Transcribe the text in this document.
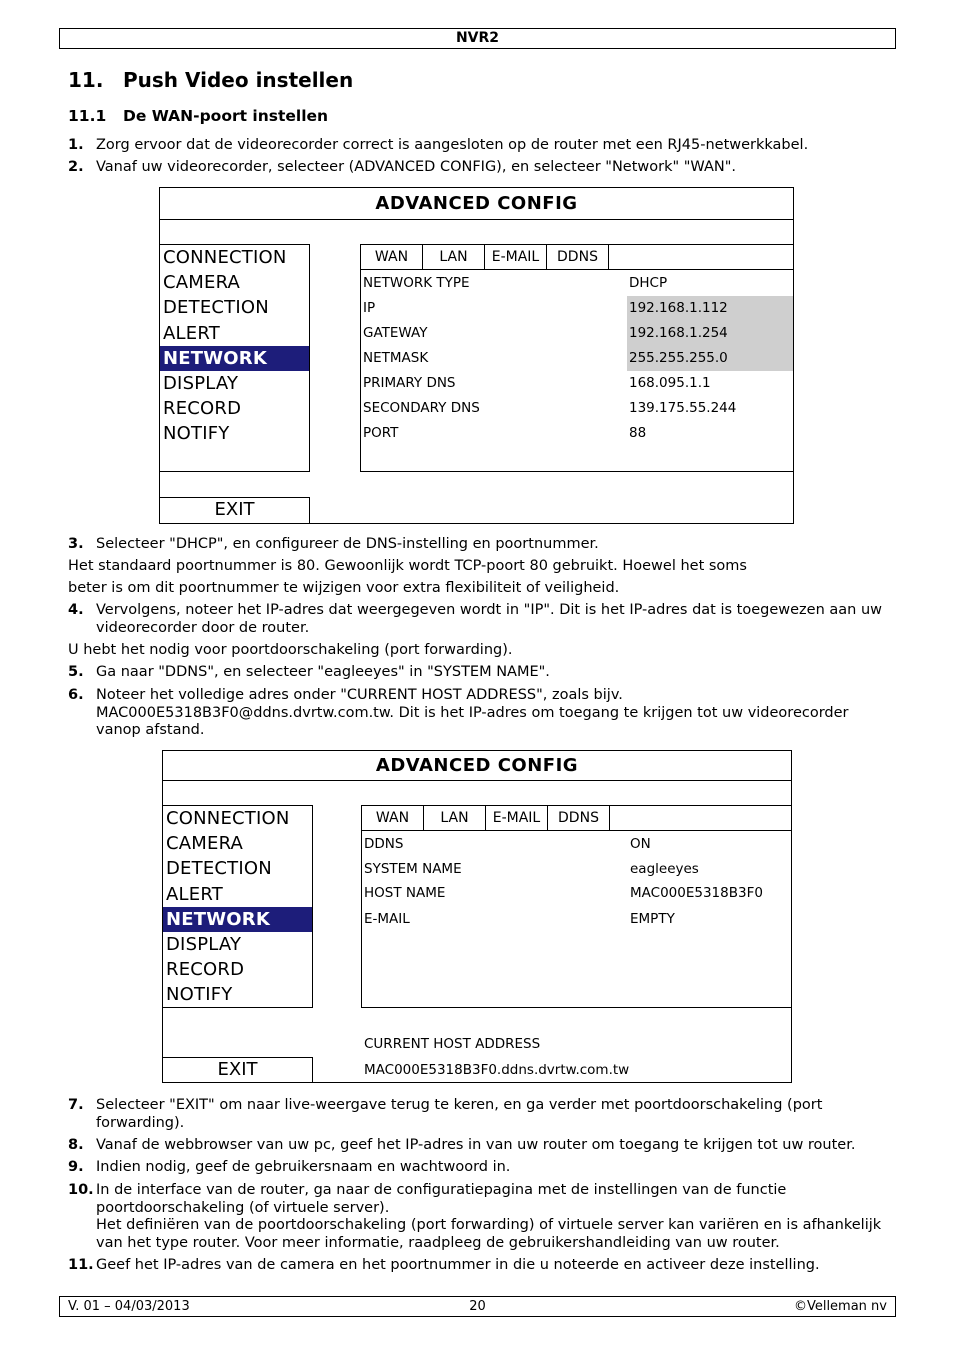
NVR2
11. Push Video instellen
11.1 De WAN-poort instellen
1. Zorg ervoor dat de videorecorder correct is aangesloten op de router met een RJ45-netwerkkabel.
2. Vanaf uw videorecorder, selecteer (ADVANCED CONFIG), en selecteer "Network" "WAN".
ADVANCED CONFIG
CONNECTION
CAMERA
DETECTION
ALERT
NETWORK
DISPLAY
RECORD
NOTIFY
WAN	LAN	E-MAIL	DDNS
NETWORK TYPE	DHCP
IP	192.168.1.112
GATEWAY	192.168.1.254
NETMASK	255.255.255.0
PRIMARY DNS	168.095.1.1
SECONDARY DNS	139.175.55.244
PORT	88
EXIT
3. Selecteer "DHCP", en configureer de DNS-instelling en poortnummer.
Het standaard poortnummer is 80. Gewoonlijk wordt TCP-poort 80 gebruikt. Hoewel het soms
beter is om dit poortnummer te wijzigen voor extra flexibiliteit of veiligheid.
4. Vervolgens, noteer het IP-adres dat weergegeven wordt in "IP". Dit is het IP-adres dat is toegewezen aan uw videorecorder door de router.
U hebt het nodig voor poortdoorschakeling (port forwarding).
5. Ga naar "DDNS", en selecteer "eagleeyes" in "SYSTEM NAME".
6. Noteer het volledige adres onder "CURRENT HOST ADDRESS", zoals bijv. MAC000E5318B3F0@ddns.dvrtw.com.tw. Dit is het IP-adres om toegang te krijgen tot uw videorecorder vanop afstand.
ADVANCED CONFIG
CONNECTION
CAMERA
DETECTION
ALERT
NETWORK
DISPLAY
RECORD
NOTIFY
WAN	LAN	E-MAIL	DDNS
DDNS	ON
SYSTEM NAME	eagleeyes
HOST NAME	MAC000E5318B3F0
E-MAIL	EMPTY
CURRENT HOST ADDRESS
MAC000E5318B3F0.ddns.dvrtw.com.tw
EXIT
7. Selecteer "EXIT" om naar live-weergave terug te keren, en ga verder met poortdoorschakeling (port forwarding).
8. Vanaf de webbrowser van uw pc, geef het IP-adres in van uw router om toegang te krijgen tot uw router.
9. Indien nodig, geef de gebruikersnaam en wachtwoord in.
10. In de interface van de router, ga naar de configuratiepagina met de instellingen van de functie poortdoorschakeling (of virtuele server).
Het definiëren van de poortdoorschakeling (port forwarding) of virtuele server kan variëren en is afhankelijk van het type router. Voor meer informatie, raadpleeg de gebruikershandleiding van uw router.
11. Geef het IP-adres van de camera en het poortnummer in die u noteerde en activeer deze instelling.
V. 01 – 04/03/2013	20	©Velleman nv
